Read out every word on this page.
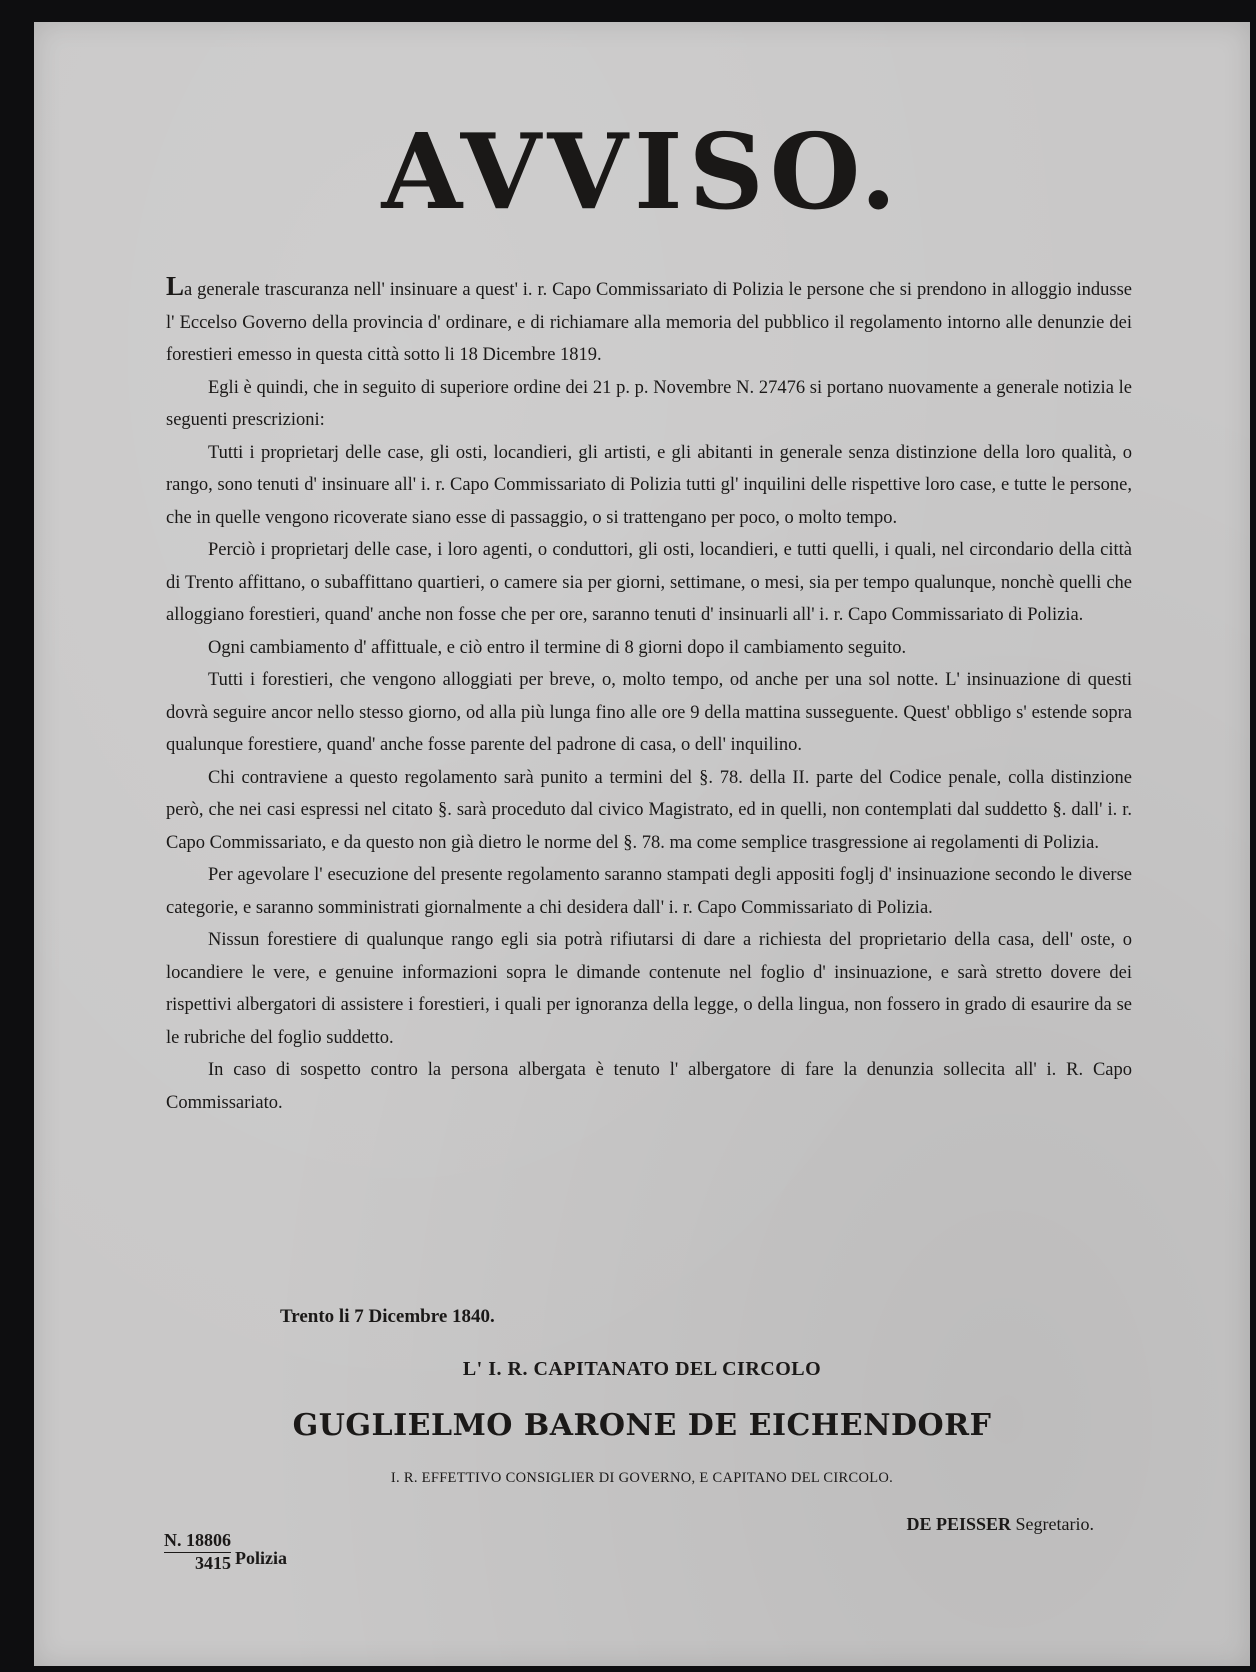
AVVISO.

La generale trascuranza nell' insinuare a quest' i. r. Capo Commissariato di Polizia le persone che si prendono in alloggio indusse l' Eccelso Governo della provincia d' ordinare, e di richiamare alla memoria del pubblico il regolamento intorno alle denunzie dei forestieri emesso in questa città sotto li 18 Dicembre 1819.

Egli è quindi, che in seguito di superiore ordine dei 21 p. p. Novembre N. 27476 si portano nuovamente a generale notizia le seguenti prescrizioni:

Tutti i proprietarj delle case, gli osti, locandieri, gli artisti, e gli abitanti in generale senza distinzione della loro qualità, o rango, sono tenuti d' insinuare all' i. r. Capo Commissariato di Polizia tutti gl' inquilini delle rispettive loro case, e tutte le persone, che in quelle vengono ricoverate siano esse di passaggio, o si trattengano per poco, o molto tempo.

Perciò i proprietarj delle case, i loro agenti, o conduttori, gli osti, locandieri, e tutti quelli, i quali, nel circondario della città di Trento affittano, o subaffittano quartieri, o camere sia per giorni, settimane, o mesi, sia per tempo qualunque, nonchè quelli che alloggiano forestieri, quand' anche non fosse che per ore, saranno tenuti d' insinuarli all' i. r. Capo Commissariato di Polizia.

Ogni cambiamento d' affittuale, e ciò entro il termine di 8 giorni dopo il cambiamento seguito.

Tutti i forestieri, che vengono alloggiati per breve, o, molto tempo, od anche per una sol notte. L' insinuazione di questi dovrà seguire ancor nello stesso giorno, od alla più lunga fino alle ore 9 della mattina susseguente. Quest' obbligo s' estende sopra qualunque forestiere, quand' anche fosse parente del padrone di casa, o dell' inquilino.

Chi contraviene a questo regolamento sarà punito a termini del §. 78. della II. parte del Codice penale, colla distinzione però, che nei casi espressi nel citato §. sarà proceduto dal civico Magistrato, ed in quelli, non contemplati dal suddetto §. dall' i. r. Capo Commissariato, e da questo non già dietro le norme del §. 78. ma come semplice trasgressione ai regolamenti di Polizia.

Per agevolare l' esecuzione del presente regolamento saranno stampati degli appositi foglj d' insinuazione secondo le diverse categorie, e saranno somministrati giornalmente a chi desidera dall' i. r. Capo Commissariato di Polizia.

Nissun forestiere di qualunque rango egli sia potrà rifiutarsi di dare a richiesta del proprietario della casa, dell' oste, o locandiere le vere, e genuine informazioni sopra le dimande contenute nel foglio d' insinuazione, e sarà stretto dovere dei rispettivi albergatori di assistere i forestieri, i quali per ignoranza della legge, o della lingua, non fossero in grado di esaurire da se le rubriche del foglio suddetto.

In caso di sospetto contro la persona albergata è tenuto l' albergatore di fare la denunzia sollecita all' i. R. Capo Commissariato.

Trento li 7 Dicembre 1840.
L' I. R. CAPITANATO DEL CIRCOLO
GUGLIELMO BARONE DE EICHENDORF
I. R. EFFETTIVO CONSIGLIER DI GOVERNO, E CAPITANO DEL CIRCOLO.
DE PEISSER Segretario.
$\frac{N. 18806}{3415}$ Polizia
